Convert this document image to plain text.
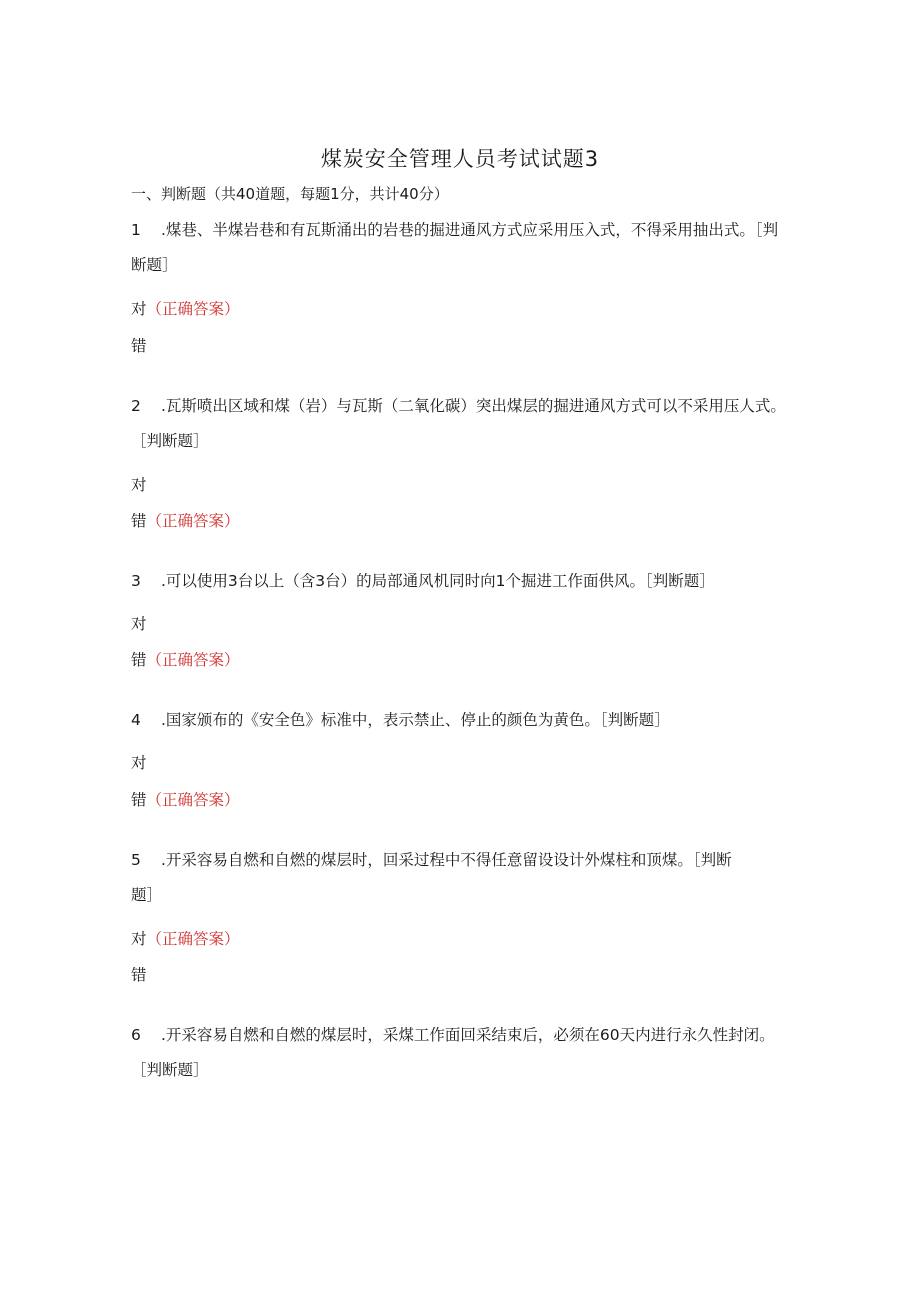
煤炭安全管理人员考试试题3

一、判断题（共40道题，每题1分，共计40分）

1 .煤巷、半煤岩巷和有瓦斯涌出的岩巷的掘进通风方式应采用压入式，不得采用抽出式。［判断题］

对（正确答案）

错

2 .瓦斯喷出区域和煤（岩）与瓦斯（二氧化碳）突出煤层的掘进通风方式可以不采用压人式。［判断题］

对

错（正确答案）

3 .可以使用3台以上（含3台）的局部通风机同时向1个掘进工作面供风。［判断题］

对

错（正确答案）

4 .国家颁布的《安全色》标准中，表示禁止、停止的颜色为黄色。［判断题］

对

错（正确答案）

5 .开采容易自燃和自燃的煤层时，回采过程中不得任意留设设计外煤柱和顶煤。［判断题］

对（正确答案）

错

6 .开采容易自燃和自燃的煤层时，采煤工作面回采结束后，必须在60天内进行永久性封闭。［判断题］
